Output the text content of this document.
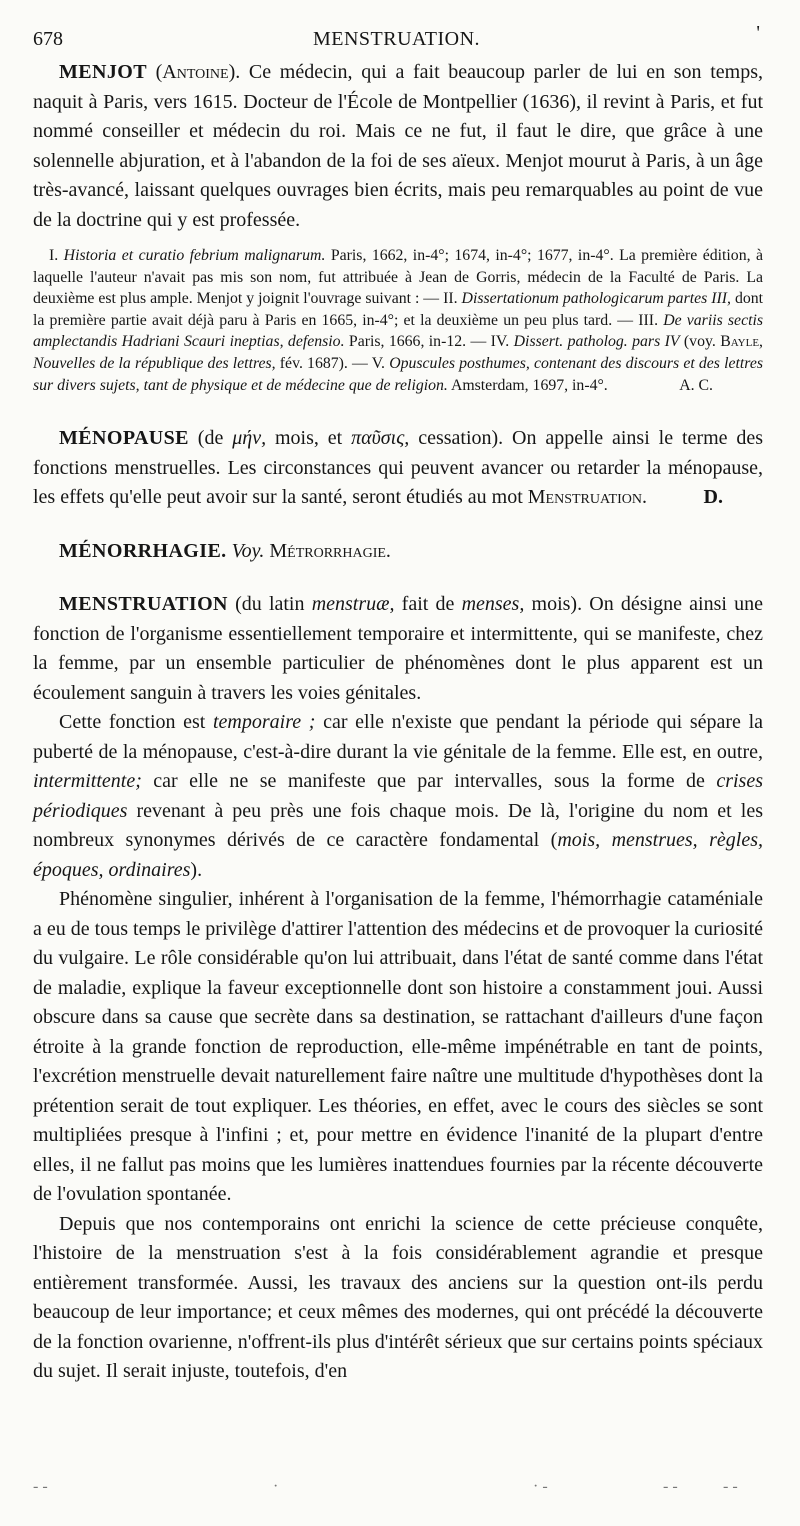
678	MENSTRUATION.	'

MENJOT (Antoine). Ce médecin, qui a fait beaucoup parler de lui en son temps, naquit à Paris, vers 1615. Docteur de l'École de Montpellier (1636), il revint à Paris, et fut nommé conseiller et médecin du roi. Mais ce ne fut, il faut le dire, que grâce à une solennelle abjuration, et à l'abandon de la foi de ses aïeux. Menjot mourut à Paris, à un âge très-avancé, laissant quelques ouvrages bien écrits, mais peu remarquables au point de vue de la doctrine qui y est professée.

I. Historia et curatio febrium malignarum. Paris, 1662, in-4°; 1674, in-4°; 1677, in-4°. La première édition, à laquelle l'auteur n'avait pas mis son nom, fut attribuée à Jean de Gorris, médecin de la Faculté de Paris. La deuxième est plus ample. Menjot y joignit l'ouvrage suivant : — II. Dissertationum pathologicarum partes III, dont la première partie avait déjà paru à Paris en 1665, in-4°; et la deuxième un peu plus tard. — III. De variis sectis amplectandis Hadriani Scauri ineptias, defensio. Paris, 1666, in-12. — IV. Dissert. patholog. pars IV (voy. Bayle, Nouvelles de la république des lettres, fév. 1687). — V. Opuscules posthumes, contenant des discours et des lettres sur divers sujets, tant de physique et de médecine que de religion. Amsterdam, 1697, in-4°.	A. C.

MÉNOPAUSE (de μήν, mois, et παῦσις, cessation). On appelle ainsi le terme des fonctions menstruelles. Les circonstances qui peuvent avancer ou retarder la ménopause, les effets qu'elle peut avoir sur la santé, seront étudiés au mot Menstruation.	D.

MÉNORRHAGIE. Voy. Métrorrhagie.

MENSTRUATION (du latin menstruæ, fait de menses, mois). On désigne ainsi une fonction de l'organisme essentiellement temporaire et intermittente, qui se manifeste, chez la femme, par un ensemble particulier de phénomènes dont le plus apparent est un écoulement sanguin à travers les voies génitales.

Cette fonction est temporaire ; car elle n'existe que pendant la période qui sépare la puberté de la ménopause, c'est-à-dire durant la vie génitale de la femme. Elle est, en outre, intermittente; car elle ne se manifeste que par intervalles, sous la forme de crises périodiques revenant à peu près une fois chaque mois. De là, l'origine du nom et les nombreux synonymes dérivés de ce caractère fondamental (mois, menstrues, règles, époques, ordinaires).

Phénomène singulier, inhérent à l'organisation de la femme, l'hémorrhagie cataméniale a eu de tous temps le privilège d'attirer l'attention des médecins et de provoquer la curiosité du vulgaire. Le rôle considérable qu'on lui attribuait, dans l'état de santé comme dans l'état de maladie, explique la faveur exceptionnelle dont son histoire a constamment joui. Aussi obscure dans sa cause que secrète dans sa destination, se rattachant d'ailleurs d'une façon étroite à la grande fonction de reproduction, elle-même impénétrable en tant de points, l'excrétion menstruelle devait naturellement faire naître une multitude d'hypothèses dont la prétention serait de tout expliquer. Les théories, en effet, avec le cours des siècles se sont multipliées presque à l'infini ; et, pour mettre en évidence l'inanité de la plupart d'entre elles, il ne fallut pas moins que les lumières inattendues fournies par la récente découverte de l'ovulation spontanée.

Depuis que nos contemporains ont enrichi la science de cette précieuse conquête, l'histoire de la menstruation s'est à la fois considérablement agrandie et presque entièrement transformée. Aussi, les travaux des anciens sur la question ont-ils perdu beaucoup de leur importance; et ceux mêmes des modernes, qui ont précédé la découverte de la fonction ovarienne, n'offrent-ils plus d'intérêt sérieux que sur certains points spéciaux du sujet. Il serait injuste, toutefois, d'en

- -	·	· -	- -	- -
